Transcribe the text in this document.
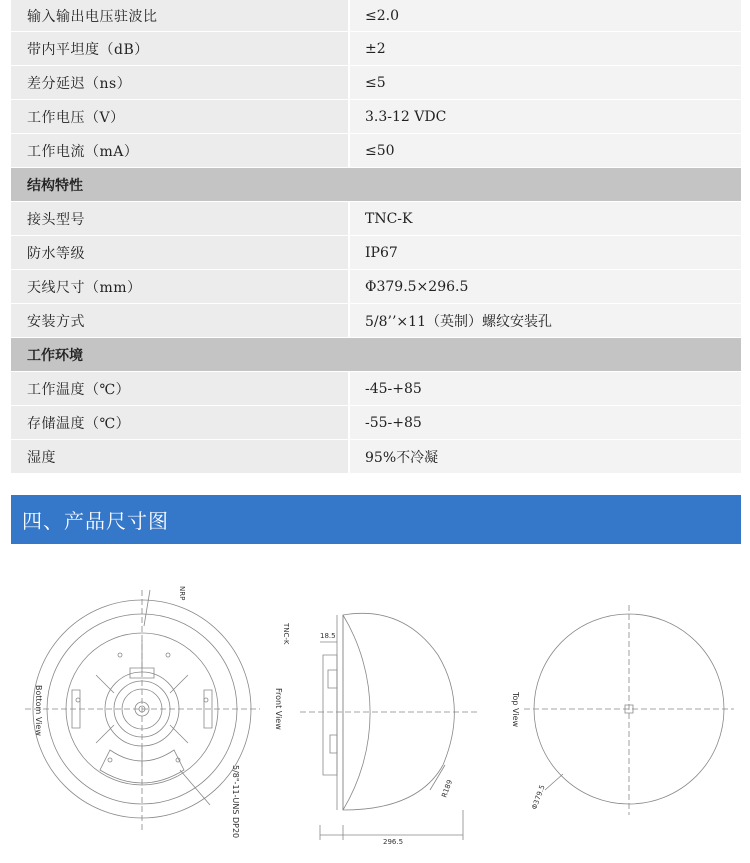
输入输出电压驻波比	≤2.0
带内平坦度（dB）	±2
差分延迟（ns）	≤5
工作电压（V）	3.3-12 VDC
工作电流（mA）	≤50
结构特性
接头型号	TNC-K
防水等级	IP67
天线尺寸（mm）	Φ379.5×296.5
安装方式	5/8’’×11（英制）螺纹安装孔
工作环境
工作温度（℃）	-45-+85
存储温度（℃）	-55-+85
湿度	95%不冷凝
四、产品尺寸图
Bottom View
NRP
5/8"-11-UNS DP20
Front View
TNC-K	18.5
R189
296.5
Top View
Φ379.5
